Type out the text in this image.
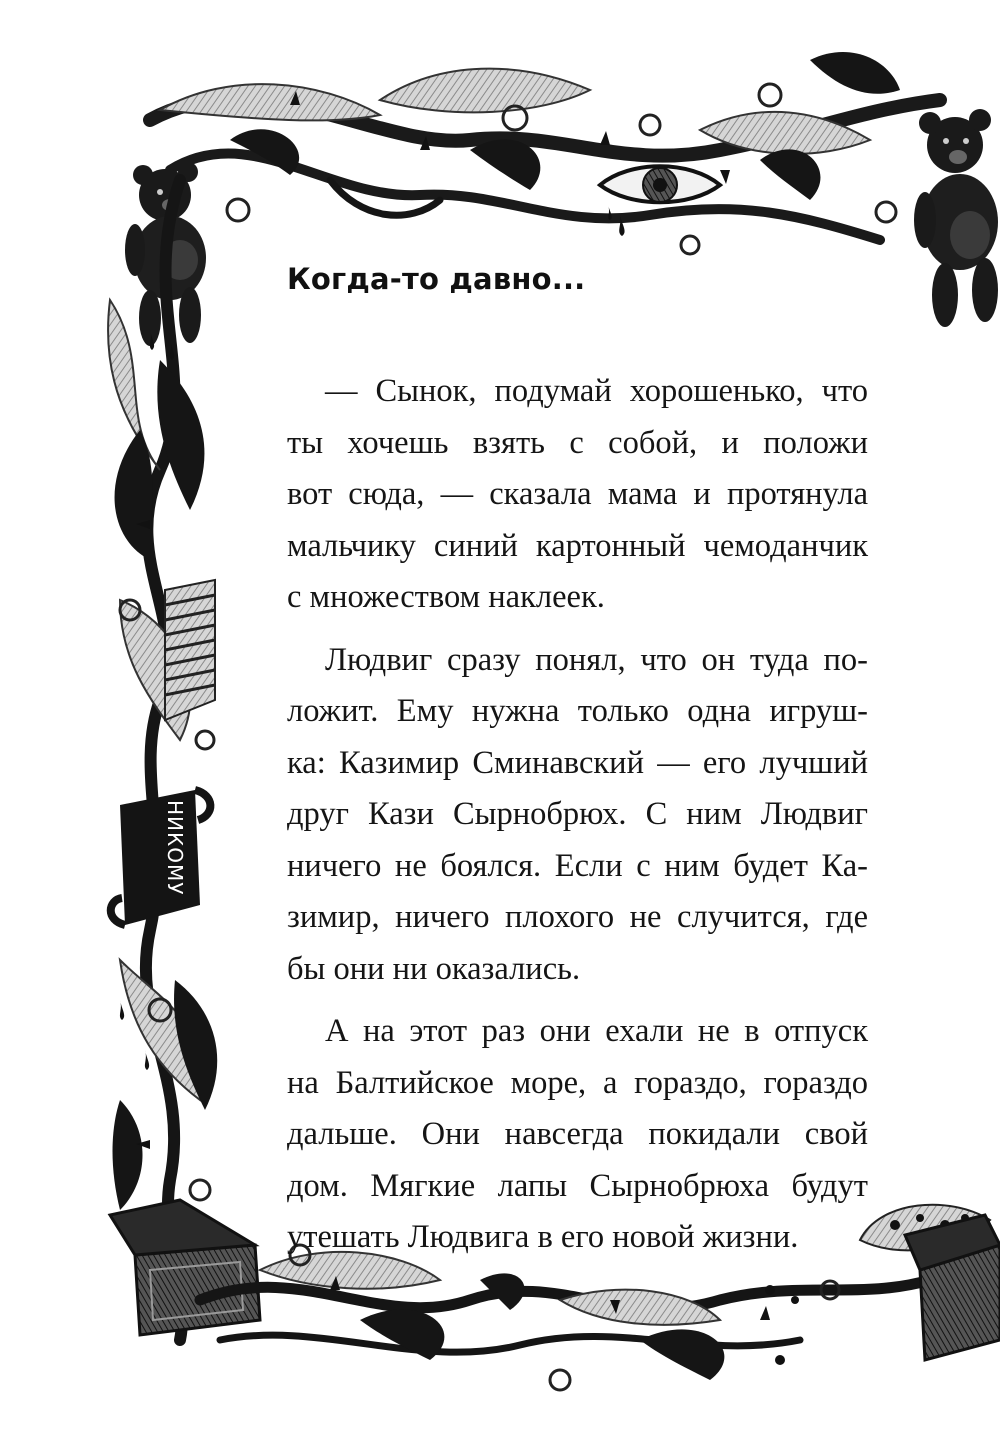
НИКОМУ
Когда-то давно...

— Сынок, подумай хорошенько, что
ты хочешь взять с собой, и положи
вот сюда, — сказала мама и протянула
мальчику синий картонный чемоданчик
с множеством наклеек.

Людвиг сразу понял, что он туда по-
ложит. Ему нужна только одна игруш-
ка: Казимир Сминавский — его лучший
друг Кази Сырнобрюх. С ним Людвиг
ничего не боялся. Если с ним будет Ка-
зимир, ничего плохого не случится, где
бы они ни оказались.

А на этот раз они ехали не в отпуск
на Балтийское море, а гораздо, гораздо
дальше. Они навсегда покидали свой
дом. Мягкие лапы Сырнобрюха будут
утешать Людвига в его новой жизни.
